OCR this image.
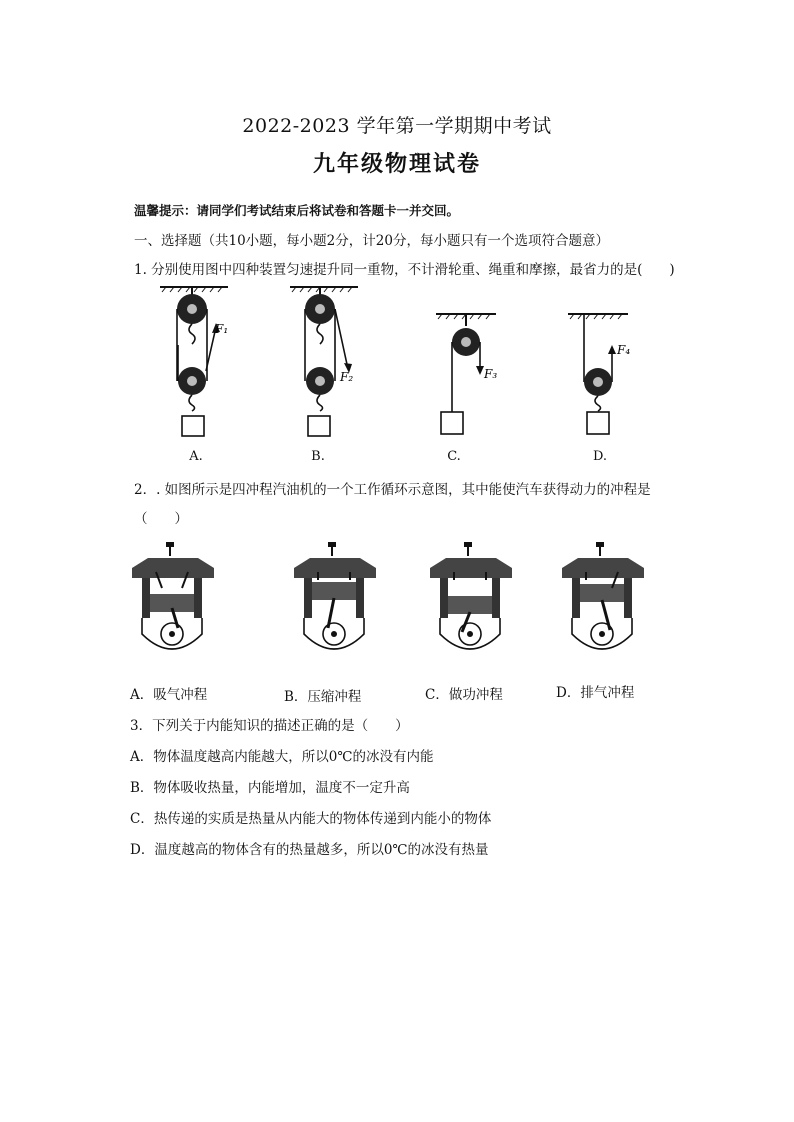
2022-2023 学年第一学期期中考试
九年级物理试卷
温馨提示：请同学们考试结束后将试卷和答题卡一并交回。
一、选择题（共10小题，每小题2分，计20分，每小题只有一个选项符合题意）
1. 分别使用图中四种装置匀速提升同一重物，不计滑轮重、绳重和摩擦，最省力的是(　　)
F₁
F₂	F₃
F₄
A.	B.	C.	D.
2．. 如图所示是四冲程汽油机的一个工作循环示意图，其中能使汽车获得动力的冲程是
（　　）
A．吸气冲程	B．压缩冲程	C．做功冲程	D．排气冲程
3．下列关于内能知识的描述正确的是（　　）
A．物体温度越高内能越大，所以0℃的冰没有内能
B．物体吸收热量，内能增加，温度不一定升高
C．热传递的实质是热量从内能大的物体传递到内能小的物体
D．温度越高的物体含有的热量越多，所以0℃的冰没有热量
